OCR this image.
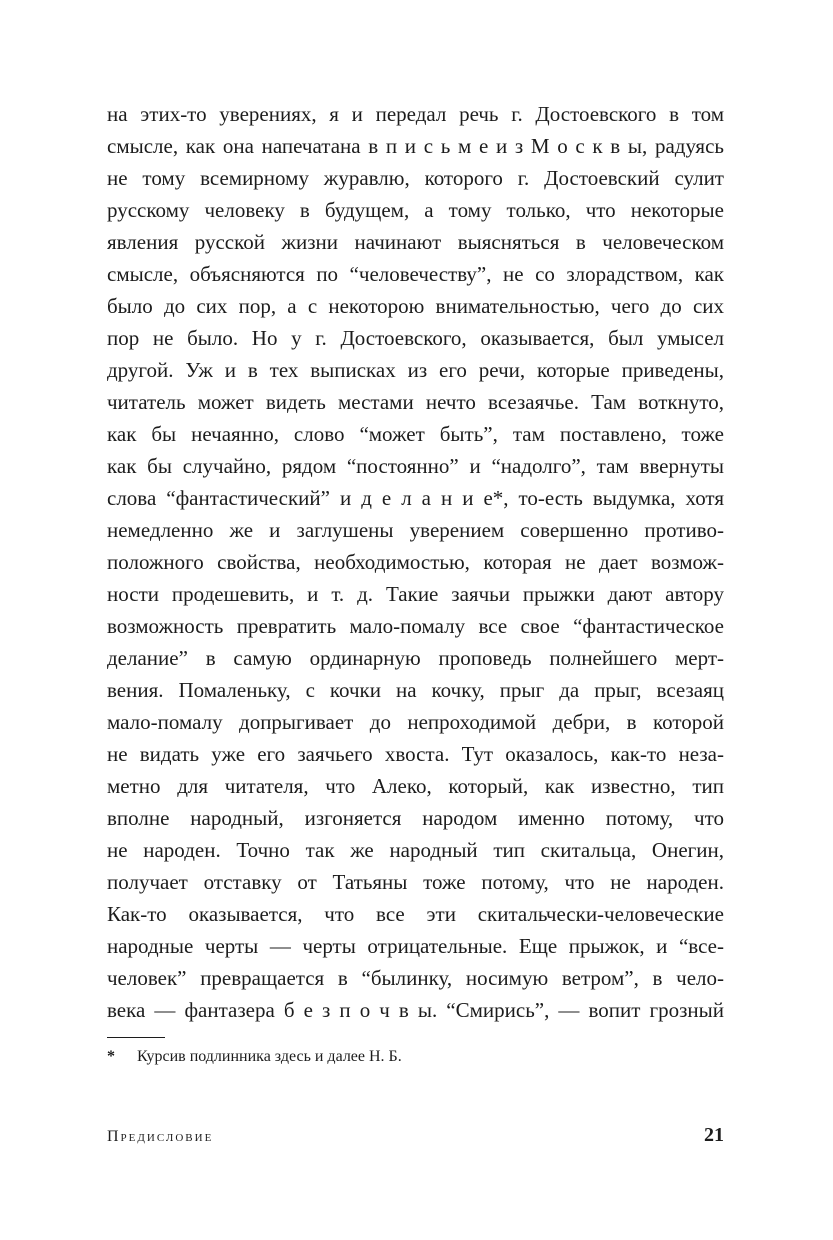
на этих-то уверениях, я и передал речь г. Достоевского в том
смысле, как она напечатана в п и с ь м е и з М о с к в ы, радуясь
не тому всемирному журавлю, которого г. Достоевский сулит
русскому человеку в будущем, а тому только, что некоторые
явления русской жизни начинают выясняться в человеческом
смысле, объясняются по “человечеству”, не со злорадством, как
было до сих пор, а с некоторою внимательностью, чего до сих
пор не было. Но у г. Достоевского, оказывается, был умысел
другой. Уж и в тех выписках из его речи, которые приведены,
читатель может видеть местами нечто всезаячье. Там воткнуто,
как бы нечаянно, слово “может быть”, там поставлено, тоже
как бы случайно, рядом “постоянно” и “надолго”, там ввернуты
слова “фантастический” и д е л а н и е*, то-есть выдумка, хотя
немедленно же и заглушены уверением совершенно противо-
положного свойства, необходимостью, которая не дает возмож-
ности продешевить, и т. д. Такие заячьи прыжки дают автору
возможность превратить мало-помалу все свое “фантастическое
делание” в самую ординарную проповедь полнейшего мерт-
вения. Помаленьку, с кочки на кочку, прыг да прыг, всезаяц
мало-помалу допрыгивает до непроходимой дебри, в которой
не видать уже его заячьего хвоста. Тут оказалось, как-то неза-
метно для читателя, что Алеко, который, как известно, тип
вполне народный, изгоняется народом именно потому, что
не народен. Точно так же народный тип скитальца, Онегин,
получает отставку от Татьяны тоже потому, что не народен.
Как-то оказывается, что все эти скитальчески-человеческие
народные черты — черты отрицательные. Еще прыжок, и “все-
человек” превращается в “былинку, носимую ветром”, в чело-
века — фантазера б е з п о ч в ы. “Смирись”, — вопит грозный
* Курсив подлинника здесь и далее Н. Б.
Предисловие	21
